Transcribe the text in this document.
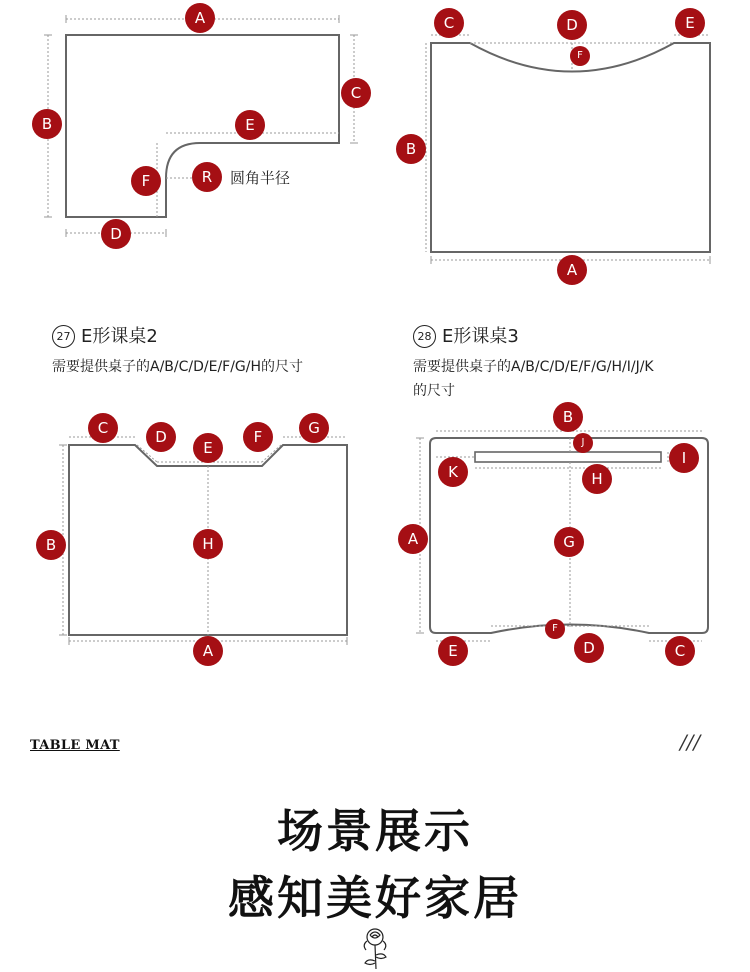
A
B
C
D
E
F	R	圆角半径
C	D	E
F
B
A
27 E形课桌2
需要提供桌子的A/B/C/D/E/F/G/H的尺寸
C	D
E
F	G
B	H
A
28 E形课桌3
需要提供桌子的A/B/C/D/E/F/G/H/I/J/K
的尺寸
B
J
I
K	H
A	G
F
D
E	C
TABLE MAT	///
场景展示
感知美好家居
